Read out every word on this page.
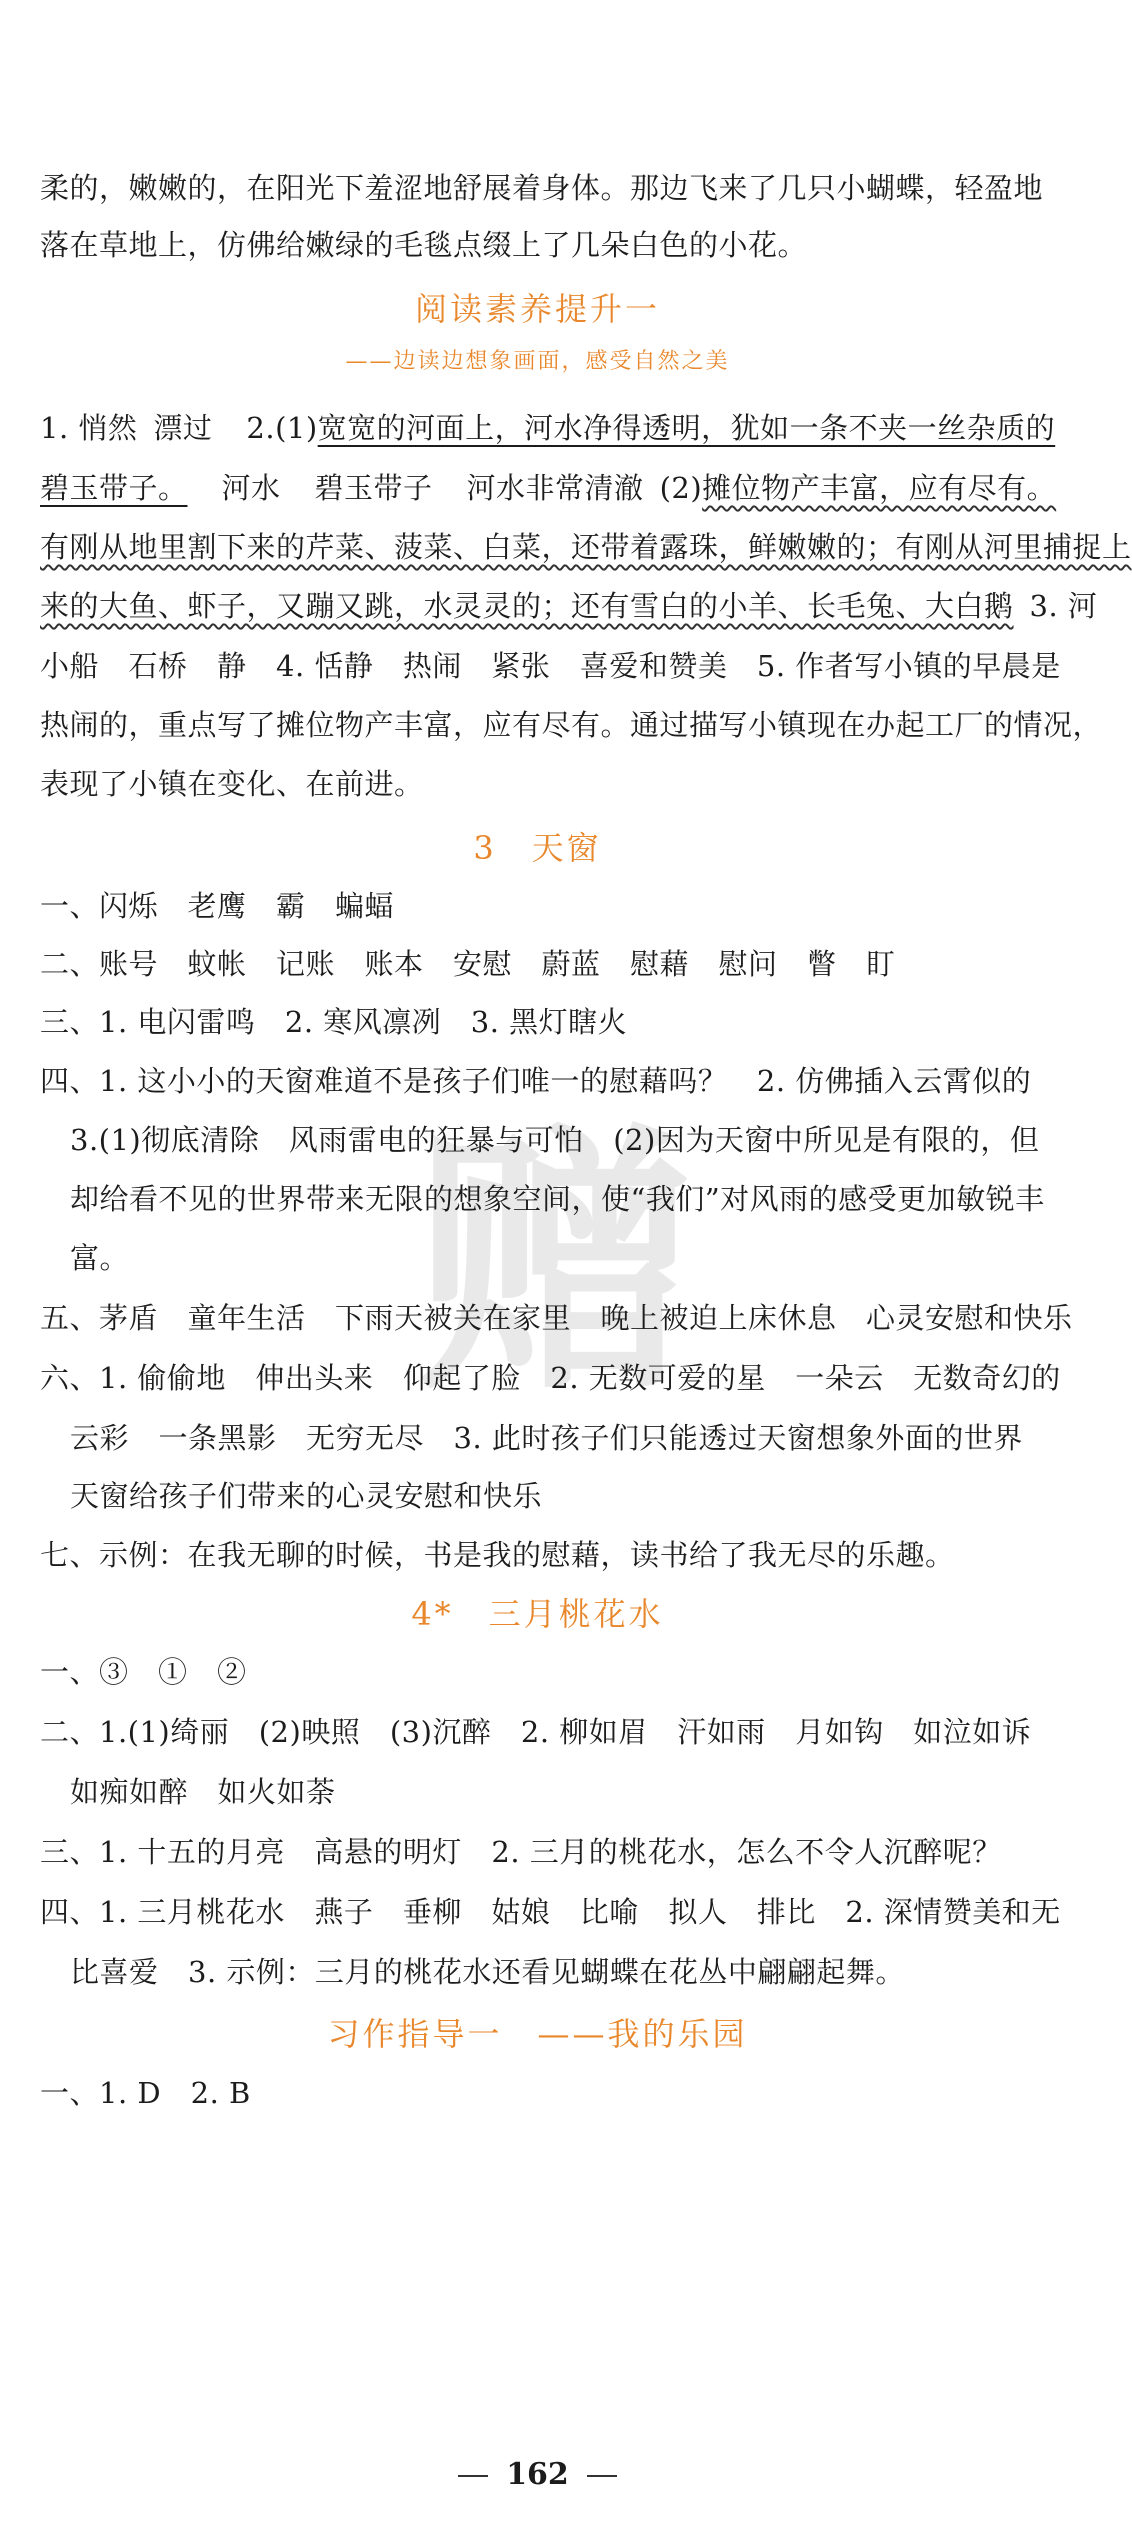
赠
柔的，嫩嫩的，在阳光下羞涩地舒展着身体。那边飞来了几只小蝴蝶，轻盈地
落在草地上，仿佛给嫩绿的毛毯点缀上了几朵白色的小花。
阅读素养提升一
——边读边想象画面，感受自然之美
1. 悄然 漂过 2.(1)宽宽的河面上，河水净得透明，犹如一条不夹一丝杂质的
碧玉带子。 河水 碧玉带子 河水非常清澈 (2)摊位物产丰富，应有尽有。
有刚从地里割下来的芹菜、菠菜、白菜，还带着露珠，鲜嫩嫩的；有刚从河里捕捉上
来的大鱼、虾子，又蹦又跳，水灵灵的；还有雪白的小羊、长毛兔、大白鹅 3. 河
小船　石桥　静　4. 恬静　热闹　紧张　喜爱和赞美　5. 作者写小镇的早晨是
热闹的，重点写了摊位物产丰富，应有尽有。通过描写小镇现在办起工厂的情况，
表现了小镇在变化、在前进。
3　天窗
一、闪烁　老鹰　霸　蝙蝠
二、账号　蚊帐　记账　账本　安慰　蔚蓝　慰藉　慰问　瞥　盯
三、1. 电闪雷鸣　2. 寒风凛冽　3. 黑灯瞎火
四、1. 这小小的天窗难道不是孩子们唯一的慰藉吗？　2. 仿佛插入云霄似的
3.(1)彻底清除　风雨雷电的狂暴与可怕　(2)因为天窗中所见是有限的，但
却给看不见的世界带来无限的想象空间，使“我们”对风雨的感受更加敏锐丰
富。
五、茅盾　童年生活　下雨天被关在家里　晚上被迫上床休息　心灵安慰和快乐
六、1. 偷偷地　伸出头来　仰起了脸　2. 无数可爱的星　一朵云　无数奇幻的
云彩　一条黑影　无穷无尽　3. 此时孩子们只能透过天窗想象外面的世界
天窗给孩子们带来的心灵安慰和快乐
七、示例：在我无聊的时候，书是我的慰藉，读书给了我无尽的乐趣。
4*　三月桃花水
一、③　①　②
二、1.(1)绮丽　(2)映照　(3)沉醉　2. 柳如眉　汗如雨　月如钩　如泣如诉
如痴如醉　如火如荼
三、1. 十五的月亮　高悬的明灯　2. 三月的桃花水，怎么不令人沉醉呢？
四、1. 三月桃花水　燕子　垂柳　姑娘　比喻　拟人　排比　2. 深情赞美和无
比喜爱　3. 示例：三月的桃花水还看见蝴蝶在花丛中翩翩起舞。
习作指导一　——我的乐园
一、1. D　2. B
162
